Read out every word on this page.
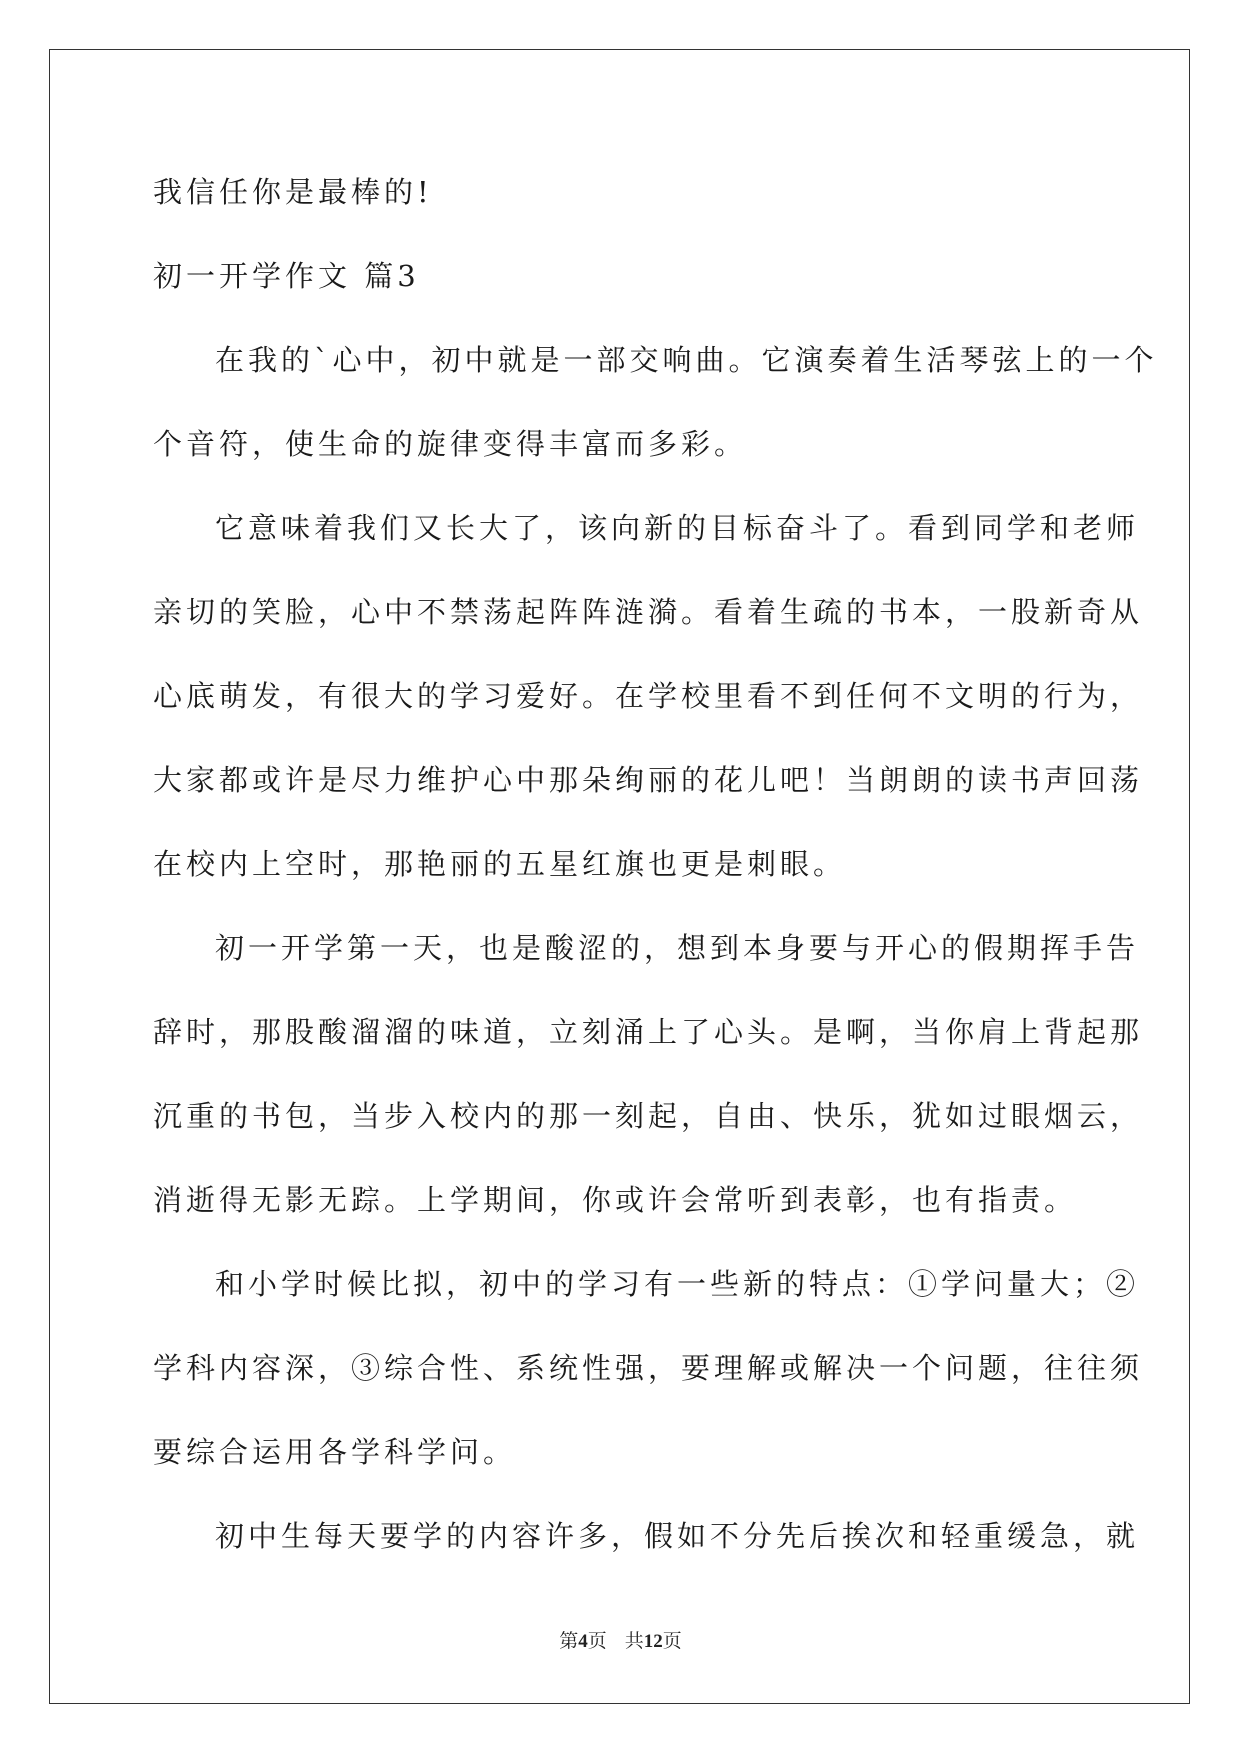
我信任你是最棒的!
初一开学作文 篇3
在我的`心中，初中就是一部交响曲。它演奏着生活琴弦上的一个
个音符，使生命的旋律变得丰富而多彩。
它意味着我们又长大了，该向新的目标奋斗了。看到同学和老师
亲切的笑脸，心中不禁荡起阵阵涟漪。看着生疏的书本，一股新奇从
心底萌发，有很大的学习爱好。在学校里看不到任何不文明的行为，
大家都或许是尽力维护心中那朵绚丽的花儿吧！当朗朗的读书声回荡
在校内上空时，那艳丽的五星红旗也更是刺眼。
初一开学第一天，也是酸涩的，想到本身要与开心的假期挥手告
辞时，那股酸溜溜的味道，立刻涌上了心头。是啊，当你肩上背起那
沉重的书包，当步入校内的那一刻起，自由、快乐，犹如过眼烟云，
消逝得无影无踪。上学期间，你或许会常听到表彰，也有指责。
和小学时候比拟，初中的学习有一些新的特点：①学问量大；②
学科内容深，③综合性、系统性强，要理解或解决一个问题，往往须
要综合运用各学科学问。
初中生每天要学的内容许多，假如不分先后挨次和轻重缓急，就
第4页 共12页
